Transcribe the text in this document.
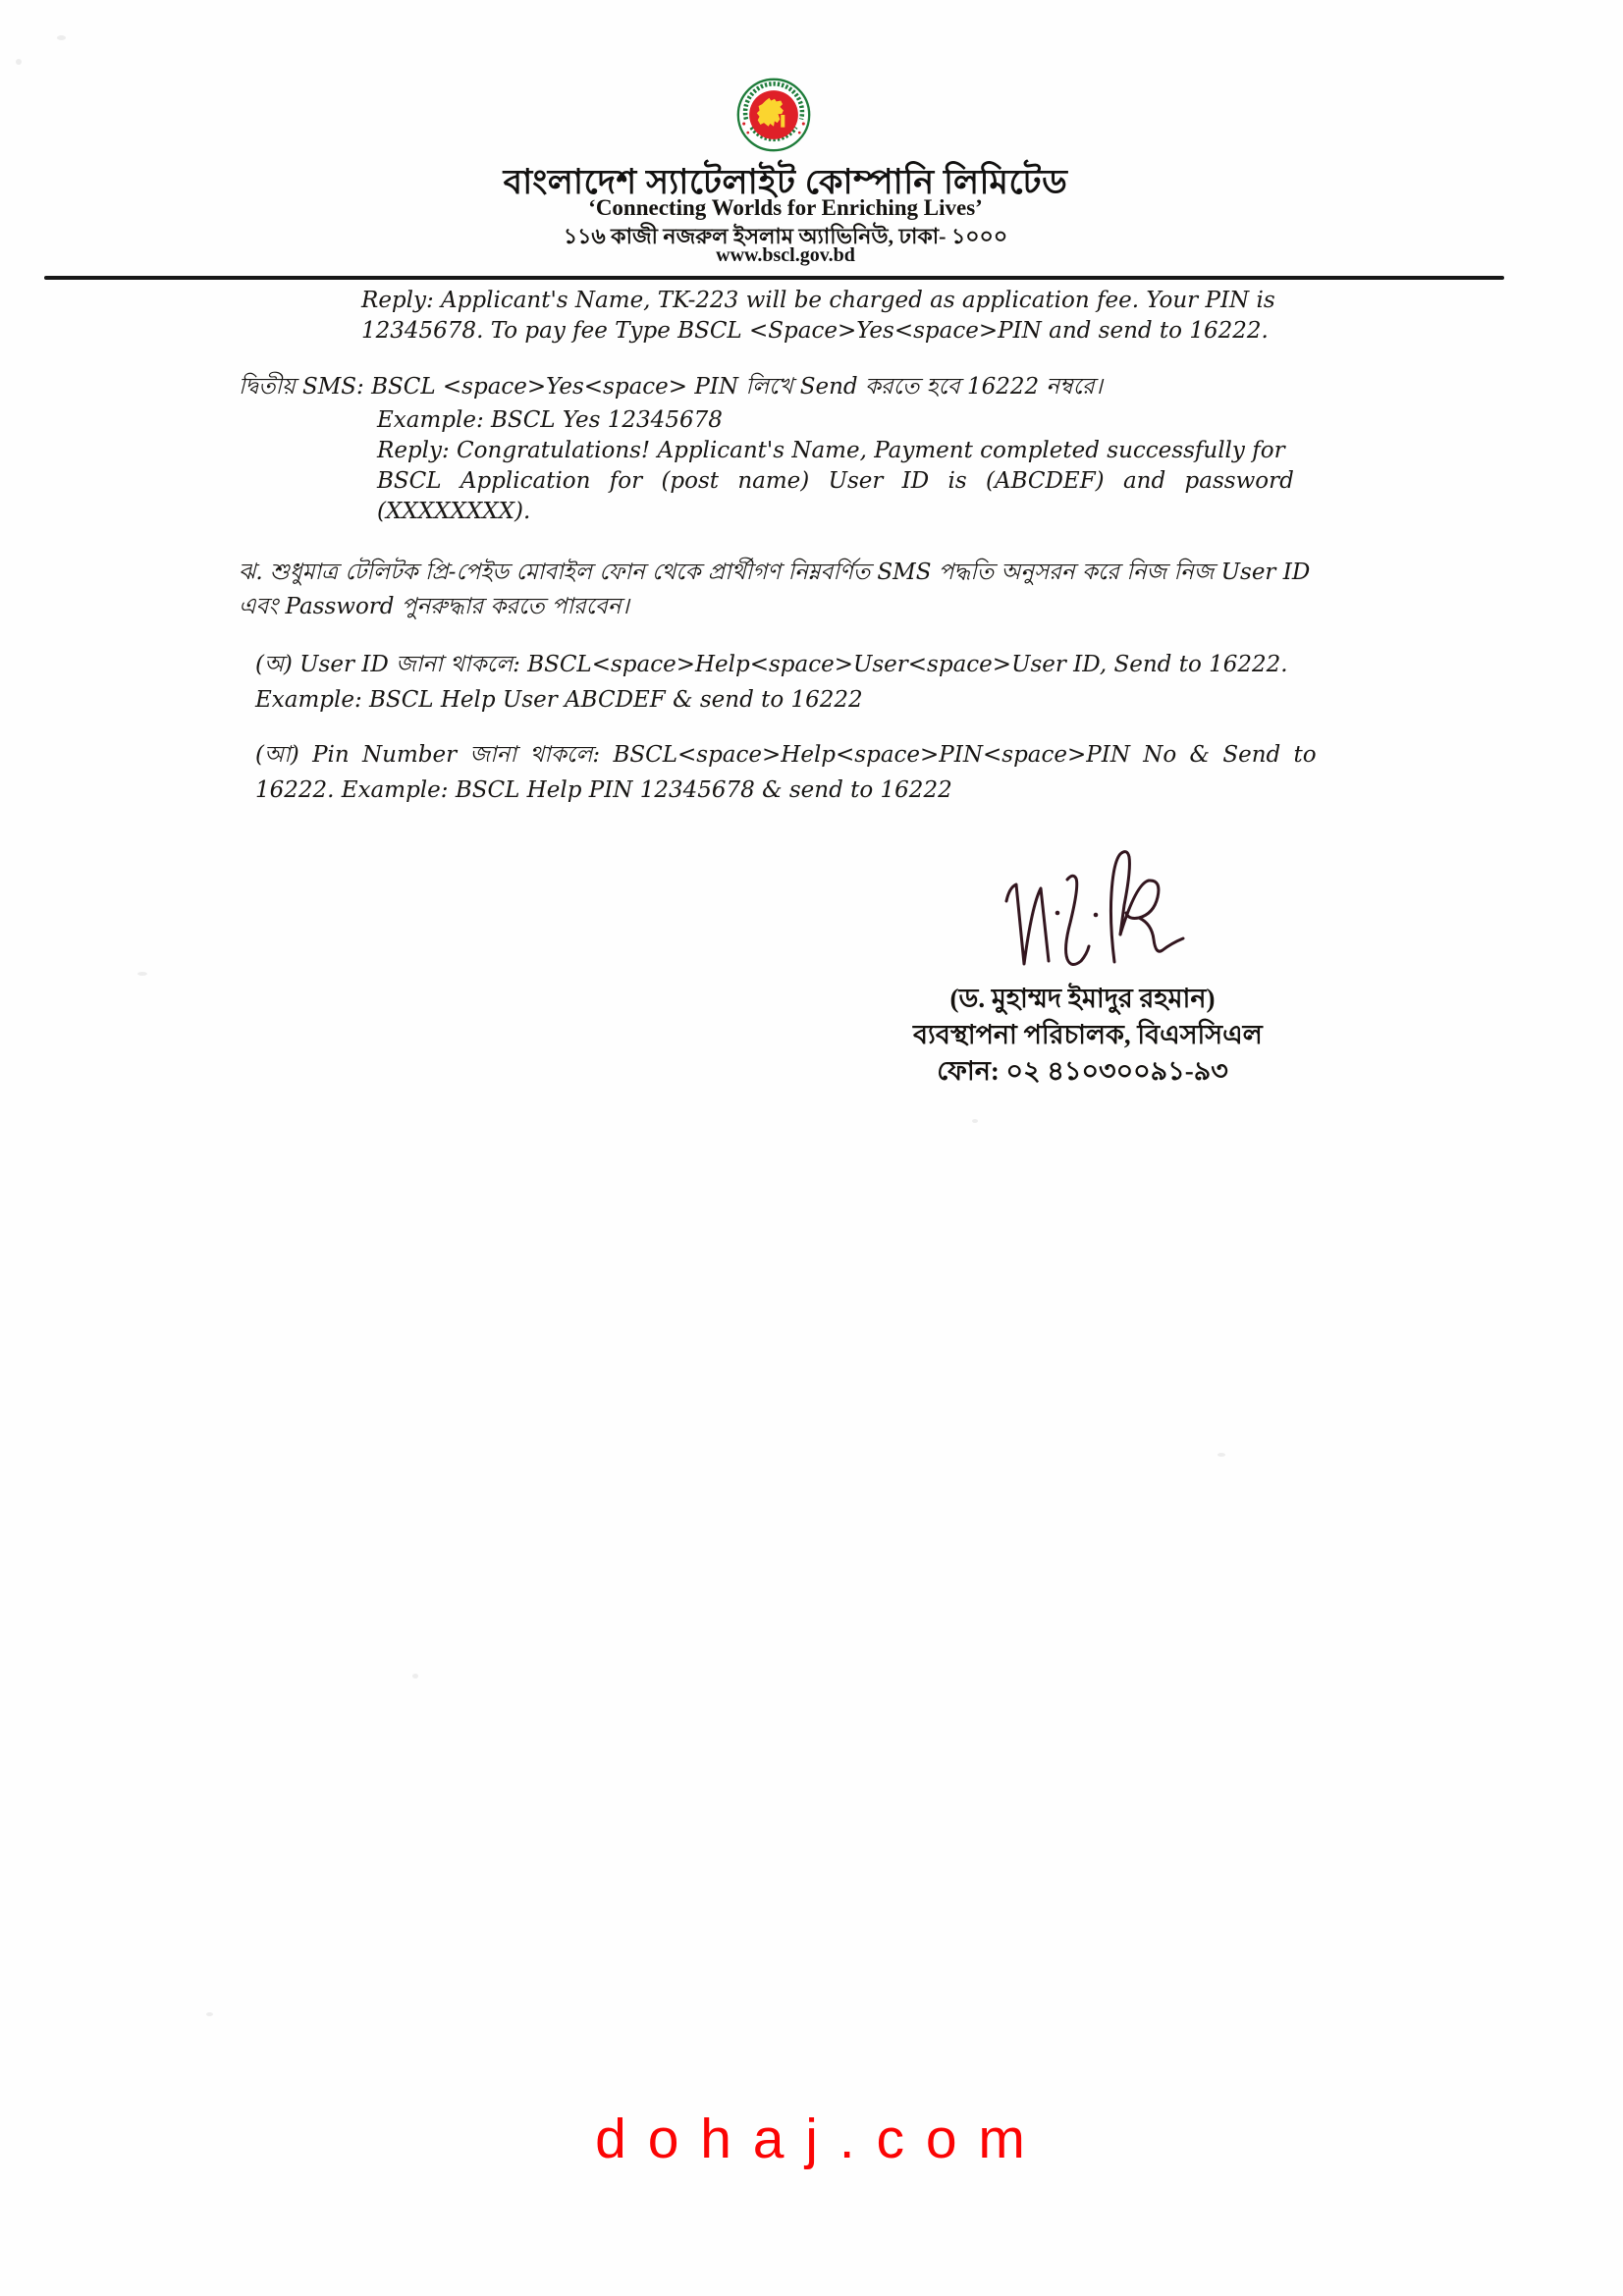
বাংলাদেশ স্যাটেলাইট কোম্পানি লিমিটেড
‘Connecting Worlds for Enriching Lives’
১১৬ কাজী নজরুল ইসলাম অ্যাভিনিউ, ঢাকা- ১০০০
www.bscl.gov.bd
Reply: Applicant's Name, TK-223 will be charged as application fee. Your PIN is
12345678. To pay fee Type BSCL <Space>Yes<space>PIN and send to 16222.
দ্বিতীয় SMS: BSCL <space>Yes<space> PIN লিখে Send করতে হবে 16222 নম্বরে।
Example: BSCL Yes 12345678
Reply: Congratulations! Applicant's Name, Payment completed successfully for
BSCL Application for (post name) User ID is (ABCDEF) and password
(XXXXXXXX).
ঝ. শুধুমাত্র টেলিটক প্রি-পেইড মোবাইল ফোন থেকে প্রার্থীগণ নিম্নবর্ণিত SMS পদ্ধতি অনুসরন করে নিজ নিজ User ID
এবং Password পুনরুদ্ধার করতে পারবেন।
(অ) User ID জানা থাকলে: BSCL<space>Help<space>User<space>User ID, Send to 16222.
Example: BSCL Help User ABCDEF & send to 16222
(আ) Pin Number জানা থাকলে: BSCL<space>Help<space>PIN<space>PIN No & Send to
16222. Example: BSCL Help PIN 12345678 & send to 16222
(ড. মুহাম্মদ ইমাদুর রহমান)
ব্যবস্থাপনা পরিচালক, বিএসসিএল
ফোন: ০২ ৪১০৩০০৯১-৯৩
d o h a j . c o m
